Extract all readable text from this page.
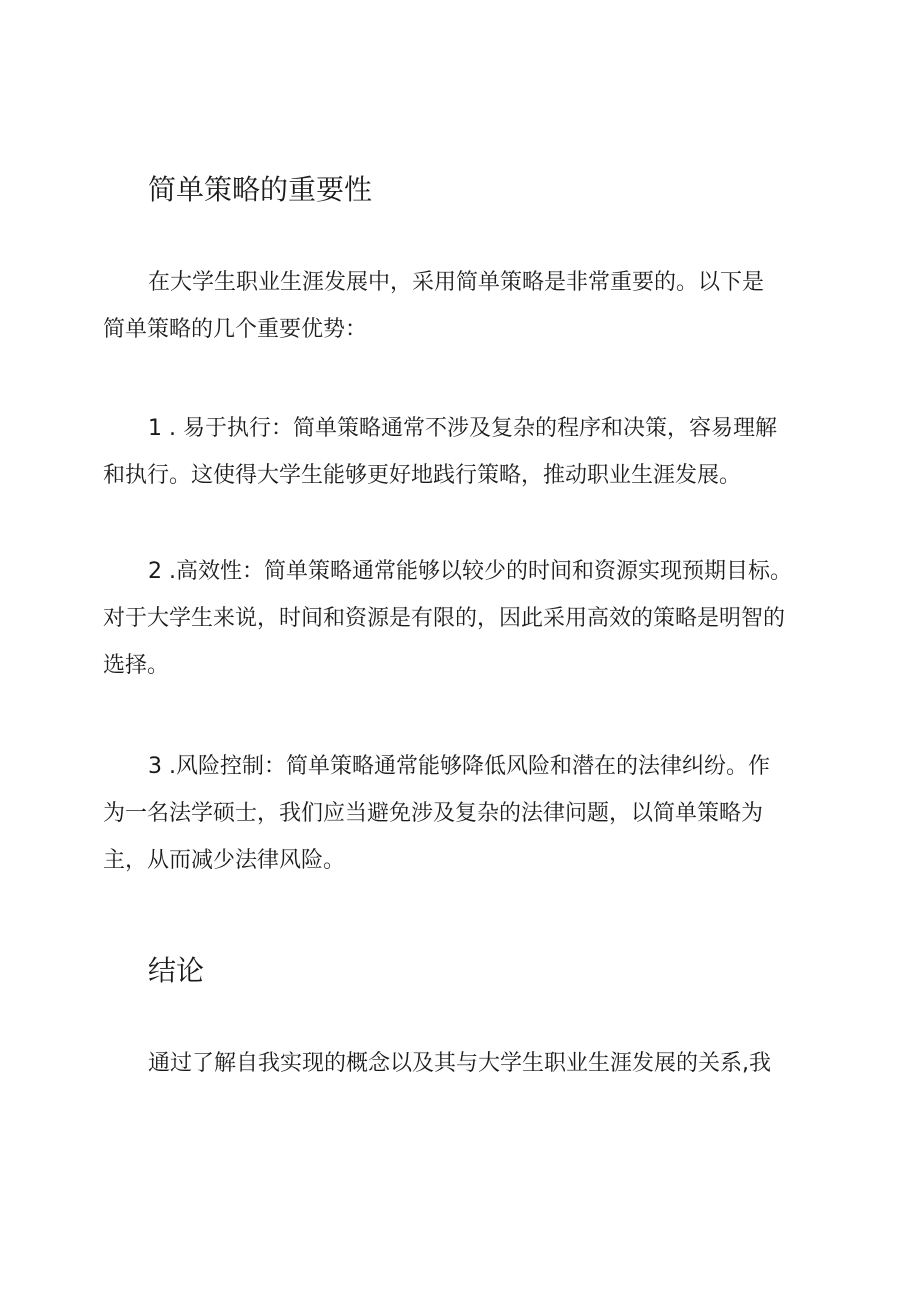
简单策略的重要性
在大学生职业生涯发展中，采用简单策略是非常重要的。以下是
简单策略的几个重要优势：
1 . 易于执行：简单策略通常不涉及复杂的程序和决策，容易理解
和执行。这使得大学生能够更好地践行策略，推动职业生涯发展。
2 .高效性：简单策略通常能够以较少的时间和资源实现预期目标。
对于大学生来说，时间和资源是有限的，因此采用高效的策略是明智的
选择。
3 .风险控制：简单策略通常能够降低风险和潜在的法律纠纷。作
为一名法学硕士，我们应当避免涉及复杂的法律问题，以简单策略为
主，从而减少法律风险。
结论
通过了解自我实现的概念以及其与大学生职业生涯发展的关系,我
